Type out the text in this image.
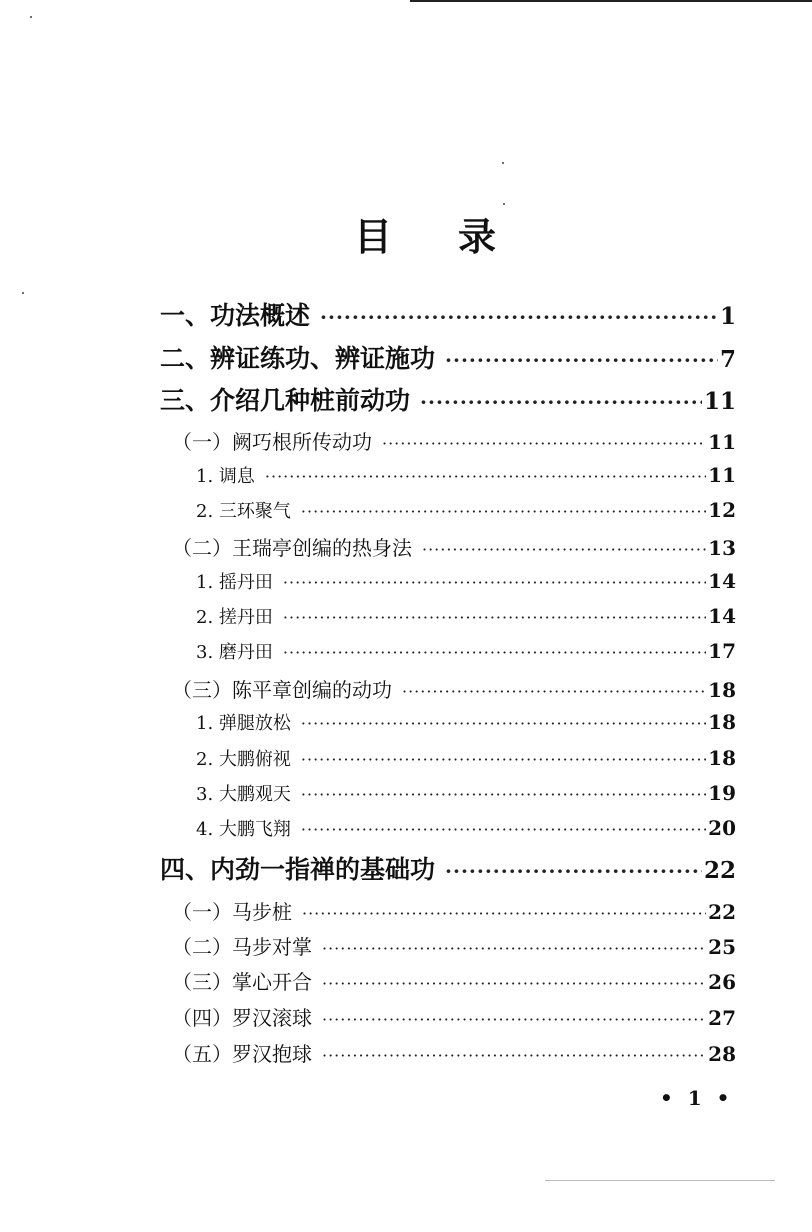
目 录
一、功法概述 ·····	1
二、辨证练功、辨证施功 ·····	7
三、介绍几种桩前动功 ·····	11
（一）阙巧根所传动功 ·····	11
1. 调息 ·····	11
2. 三环聚气 ·····	12
（二）王瑞亭创编的热身法 ·····	13
1. 摇丹田 ·····	14
2. 搓丹田 ·····	14
3. 磨丹田 ·····	17
（三）陈平章创编的动功 ·····	18
1. 弹腿放松 ·····	18
2. 大鹏俯视 ·····	18
3. 大鹏观天 ·····	19
4. 大鹏飞翔 ·····	20
四、内劲一指禅的基础功 ·····	22
（一）马步桩 ·····	22
（二）马步对掌 ·····	25
（三）掌心开合 ·····	26
（四）罗汉滚球 ·····	27
（五）罗汉抱球 ·····	28
• 1 •
